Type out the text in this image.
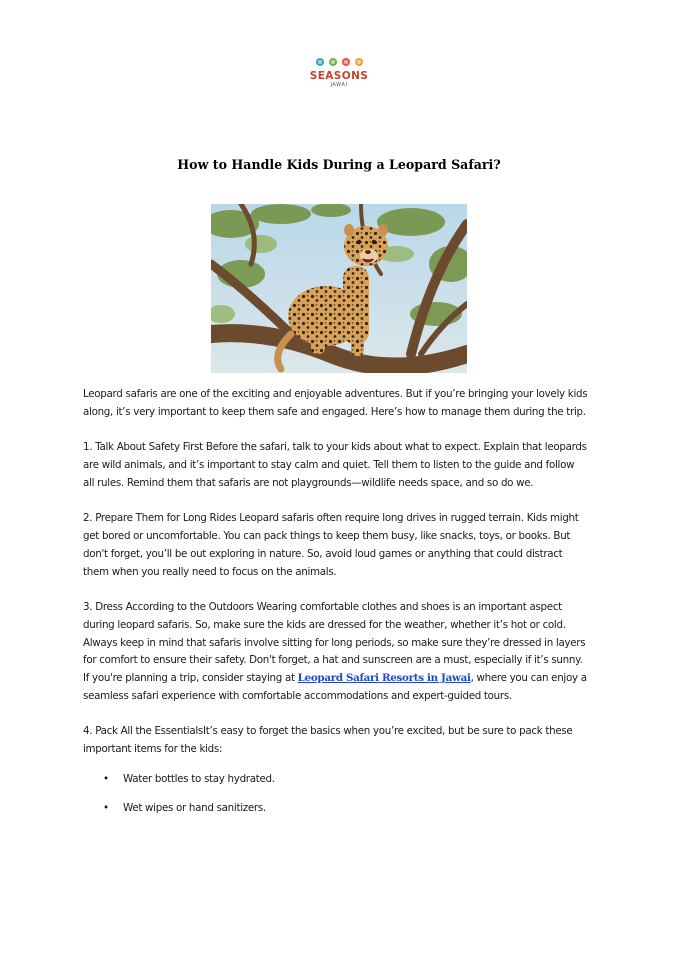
SEASONS
JAWAI
How to Handle Kids During a Leopard Safari?

Leopard safaris are one of the exciting and enjoyable adventures. But if you’re bringing your lovely kids along, it’s very important to keep them safe and engaged. Here’s how to manage them during the trip.

1. Talk About Safety First Before the safari, talk to your kids about what to expect. Explain that leopards are wild animals, and it’s important to stay calm and quiet. Tell them to listen to the guide and follow all rules. Remind them that safaris are not playgrounds—wildlife needs space, and so do we.

2. Prepare Them for Long Rides Leopard safaris often require long drives in rugged terrain. Kids might get bored or uncomfortable. You can pack things to keep them busy, like snacks, toys, or books. But don't forget, you’ll be out exploring in nature. So, avoid loud games or anything that could distract them when you really need to focus on the animals.

3. Dress According to the Outdoors Wearing comfortable clothes and shoes is an important aspect during leopard safaris. So, make sure the kids are dressed for the weather, whether it’s hot or cold. Always keep in mind that safaris involve sitting for long periods, so make sure they’re dressed in layers for comfort to ensure their safety. Don't forget, a hat and sunscreen are a must, especially if it’s sunny. If you're planning a trip, consider staying at Leopard Safari Resorts in Jawai, where you can enjoy a seamless safari experience with comfortable accommodations and expert-guided tours.

4. Pack All the EssentialsIt’s easy to forget the basics when you’re excited, but be sure to pack these important items for the kids:

• Water bottles to stay hydrated.
• Wet wipes or hand sanitizers.
